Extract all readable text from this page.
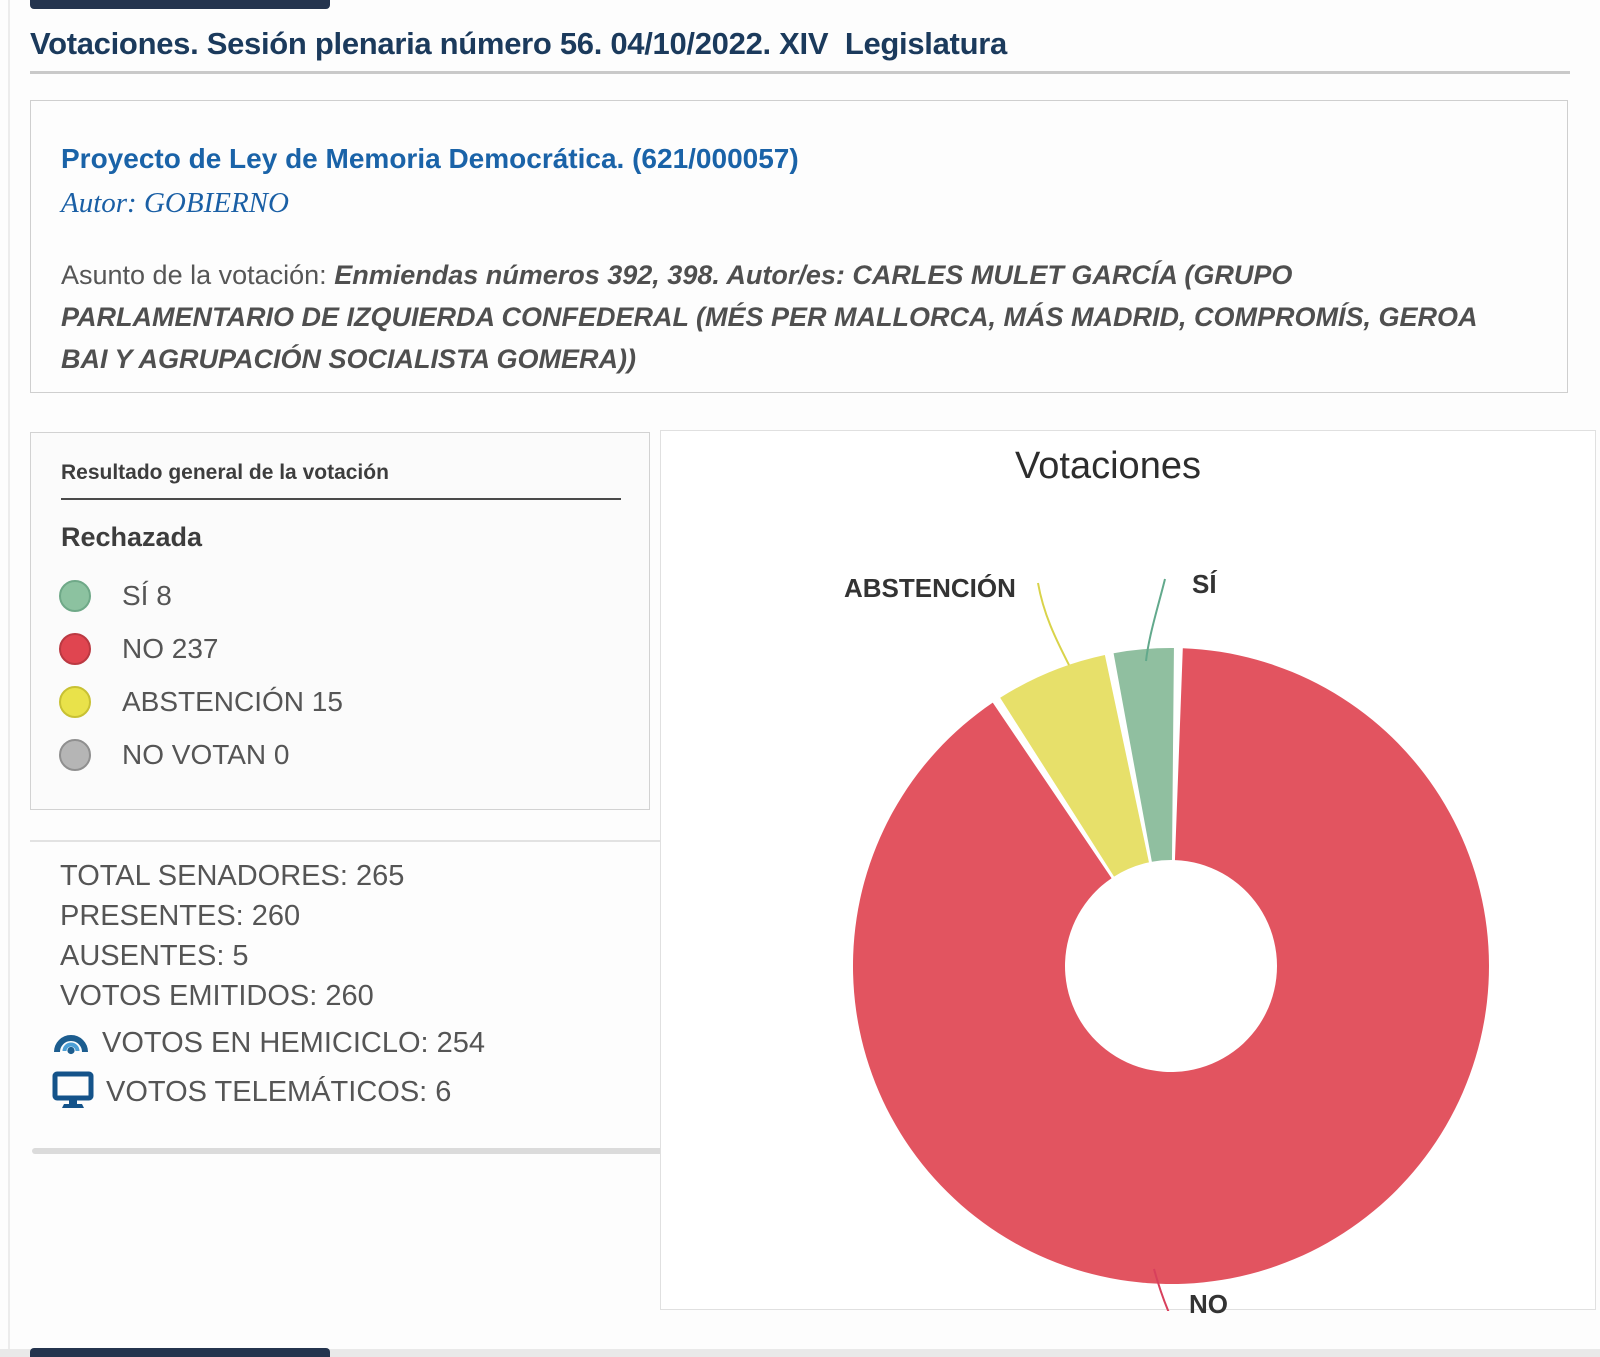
Votaciones. Sesión plenaria número 56. 04/10/2022. XIV  Legislatura
Proyecto de Ley de Memoria Democrática. (621/000057)
Autor: GOBIERNO
Asunto de la votación: Enmiendas números 392, 398. Autor/es: CARLES MULET GARCÍA (GRUPO PARLAMENTARIO DE IZQUIERDA CONFEDERAL (MÉS PER MALLORCA, MÁS MADRID, COMPROMÍS, GEROA BAI Y AGRUPACIÓN SOCIALISTA GOMERA))
Resultado general de la votación
Rechazada
SÍ 8
NO 237
ABSTENCIÓN 15
NO VOTAN 0
TOTAL SENADORES: 265
PRESENTES: 260
AUSENTES: 5
VOTOS EMITIDOS: 260
VOTOS EN HEMICICLO: 254
VOTOS TELEMÁTICOS: 6
Votaciones
ABSTENCIÓN	SÍ
NO
